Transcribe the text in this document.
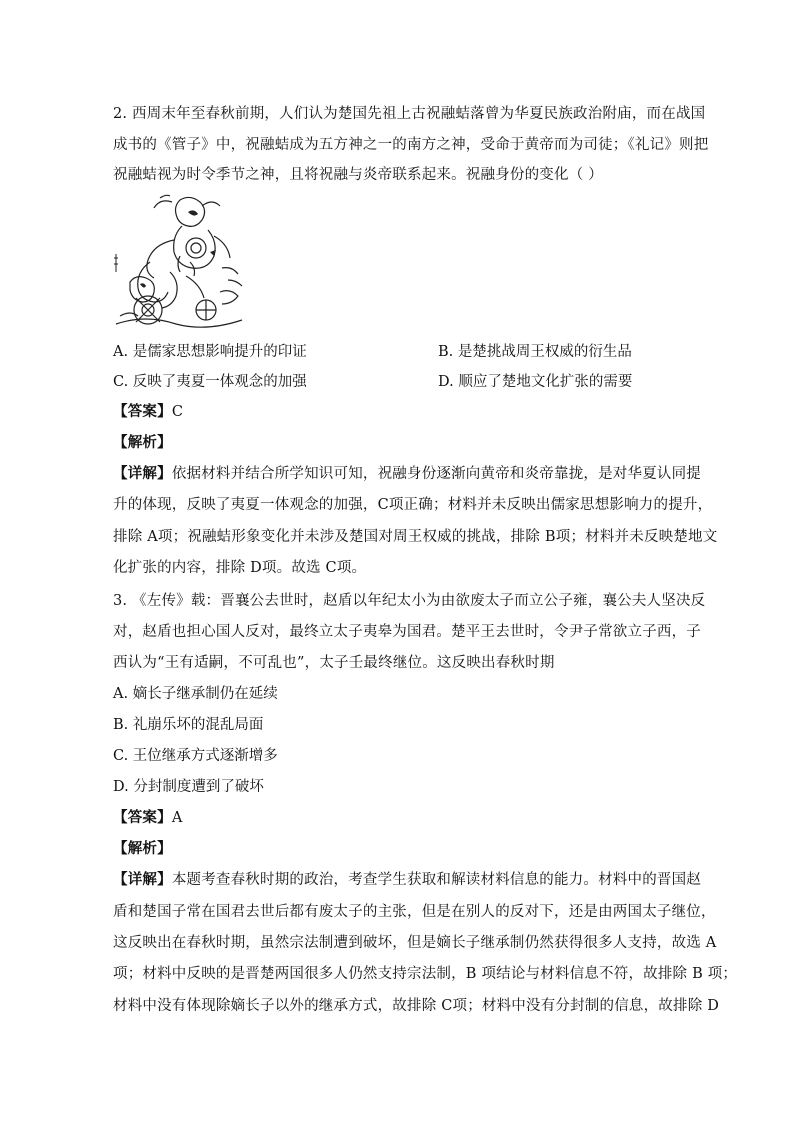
2. 西周末年至春秋前期，人们认为楚国先祖上古祝融蛣落曾为华夏民族政治附庙，而在战国
成书的《管子》中，祝融蛣成为五方神之一的南方之神，受命于黄帝而为司徒；《礼记》则把
祝融蛣视为时令季节之神，且将祝融与炎帝联系起来。祝融身份的变化（ ）
A. 是儒家思想影响提升的印证	B. 是楚挑战周王权威的衍生品
C. 反映了夷夏一体观念的加强	D. 顺应了楚地文化扩张的需要
【答案】C
【解析】
【详解】依据材料并结合所学知识可知，祝融身份逐渐向黄帝和炎帝靠拢，是对华夏认同提
升的体现，反映了夷夏一体观念的加强，C项正确；材料并未反映出儒家思想影响力的提升，
排除 A项；祝融蛣形象变化并未涉及楚国对周王权威的挑战，排除 B项；材料并未反映楚地文
化扩张的内容，排除 D项。故选 C项。
3. 《左传》载：晋襄公去世时，赵盾以年纪太小为由欲废太子而立公子雍，襄公夫人坚决反
对，赵盾也担心国人反对，最终立太子夷皋为国君。楚平王去世时，令尹子常欲立子西，子
西认为“王有适嗣，不可乱也”，太子壬最终继位。这反映出春秋时期
A. 嫡长子继承制仍在延续
B. 礼崩乐坏的混乱局面
C. 王位继承方式逐渐增多
D. 分封制度遭到了破坏
【答案】A
【解析】
【详解】本题考查春秋时期的政治，考查学生获取和解读材料信息的能力。材料中的晋国赵
盾和楚国子常在国君去世后都有废太子的主张，但是在别人的反对下，还是由两国太子继位，
这反映出在春秋时期，虽然宗法制遭到破坏，但是嫡长子继承制仍然获得很多人支持，故选 A
项；材料中反映的是晋楚两国很多人仍然支持宗法制，B 项结论与材料信息不符，故排除 B 项；
材料中没有体现除嫡长子以外的继承方式，故排除 C项；材料中没有分封制的信息，故排除 D
